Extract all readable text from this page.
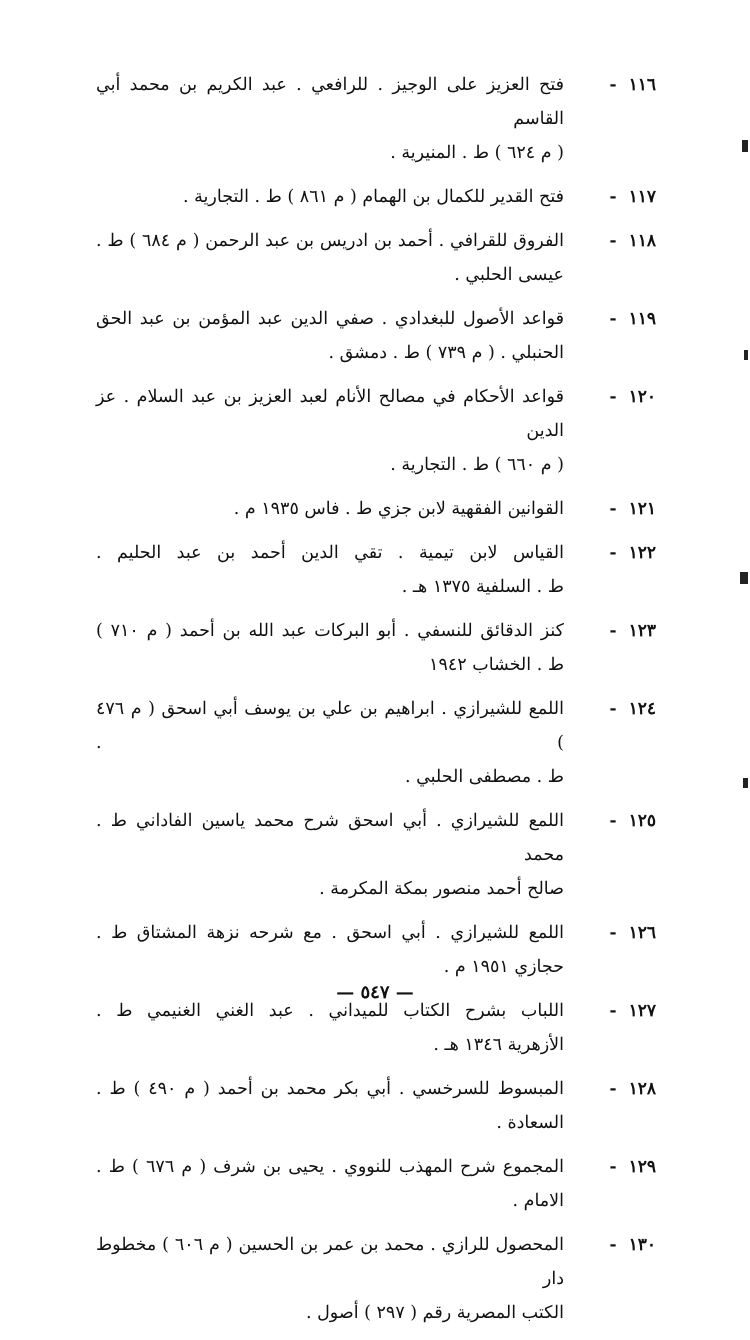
١١٦-
فتح العزيز على الوجيز . للرافعي . عبد الكريم بن محمد أبي القاسم
( م ٦٢٤ ) ط . المنيرية .
١١٧-
فتح القدير للكمال بن الهمام ( م ٨٦١ ) ط . التجارية .
١١٨-
الفروق للقرافي . أحمد بن ادريس بن عبد الرحمن ( م ٦٨٤ ) ط .
عيسى الحلبي .
١١٩-
قواعد الأصول للبغدادي . صفي الدين عبد المؤمن بن عبد الحق
الحنبلي . ( م ٧٣٩ ) ط . دمشق .
١٢٠-
قواعد الأحكام في مصالح الأنام لعبد العزيز بن عبد السلام . عز الدين
( م ٦٦٠ ) ط . التجارية .
١٢١-
القوانين الفقهية لابن جزي ط . فاس ١٩٣٥ م .
١٢٢-
القياس لابن تيمية . تقي الدين أحمد بن عبد الحليم .
ط . السلفية ١٣٧٥ هـ .
١٢٣-
كنز الدقائق للنسفي . أبو البركات عبد الله بن أحمد ( م ٧١٠ )
ط . الخشاب ١٩٤٢
١٢٤-
اللمع للشيرازي . ابراهيم بن علي بن يوسف أبي اسحق ( م ٤٧٦ ) .
ط . مصطفى الحلبي .
١٢٥-
اللمع للشيرازي . أبي اسحق شرح محمد ياسين الفاداني ط . محمد
صالح أحمد منصور بمكة المكرمة .
١٢٦-
اللمع للشيرازي . أبي اسحق . مع شرحه نزهة المشتاق ط .
حجازي ١٩٥١ م .
١٢٧-
اللباب بشرح الكتاب للميداني . عبد الغني الغنيمي ط .
الأزهرية ١٣٤٦ هـ .
١٢٨-
المبسوط للسرخسي . أبي بكر محمد بن أحمد ( م ٤٩٠ ) ط . السعادة .
١٢٩-
المجموع شرح المهذب للنووي . يحيى بن شرف ( م ٦٧٦ ) ط . الامام .
١٣٠-
المحصول للرازي . محمد بن عمر بن الحسين ( م ٦٠٦ ) مخطوط دار
الكتب المصرية رقم ( ٢٩٧ ) أصول .
— ٥٤٧ —
